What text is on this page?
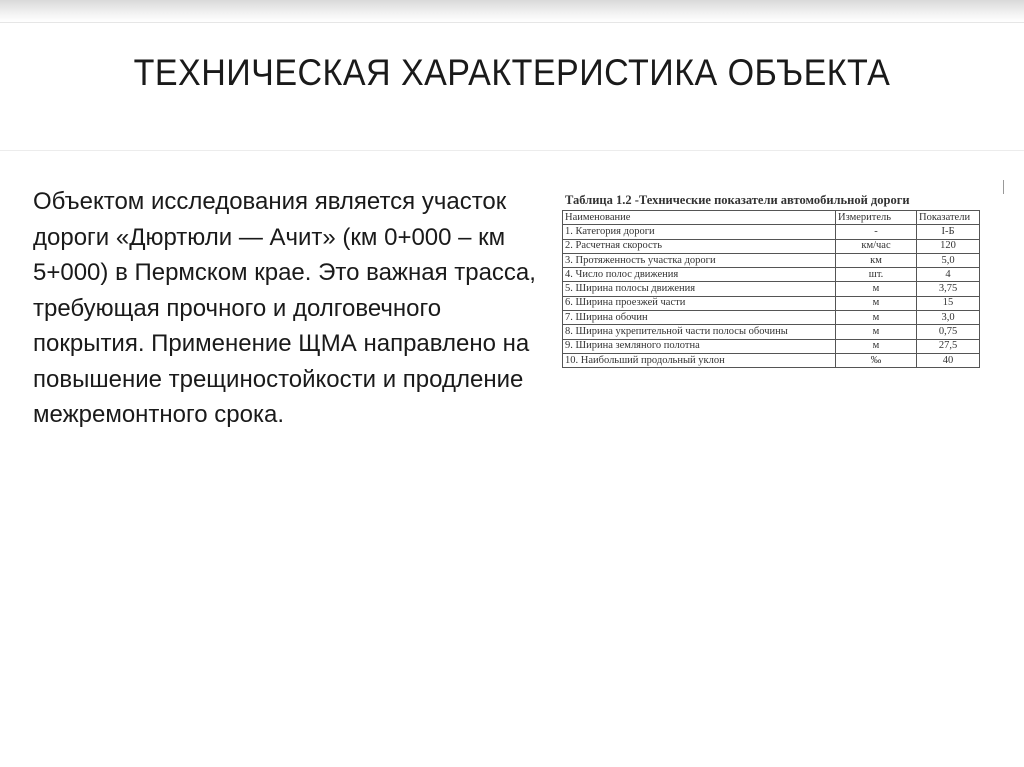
ТЕХНИЧЕСКАЯ ХАРАКТЕРИСТИКА ОБЪЕКТА

Объектом исследования является участок дороги «Дюртюли — Ачит» (км 0+000 – км 5+000) в Пермском крае. Это важная трасса, требующая прочного и долговечного покрытия. Применение ЩМА направлено на повышение трещиностойкости и продление межремонтного срока.

Таблица 1.2 -Технические показатели автомобильной дороги
Наименование	Измеритель	Показатели
1. Категория дороги	-	I-Б
2. Расчетная скорость	км/час	120
3. Протяженность участка дороги	км	5,0
4. Число полос движения	шт.	4
5. Ширина полосы движения	м	3,75
6. Ширина проезжей части	м	15
7. Ширина обочин	м	3,0
8. Ширина укрепительной части полосы обочины	м	0,75
9. Ширина земляного полотна	м	27,5
10. Наибольший продольный уклон	‰	40
